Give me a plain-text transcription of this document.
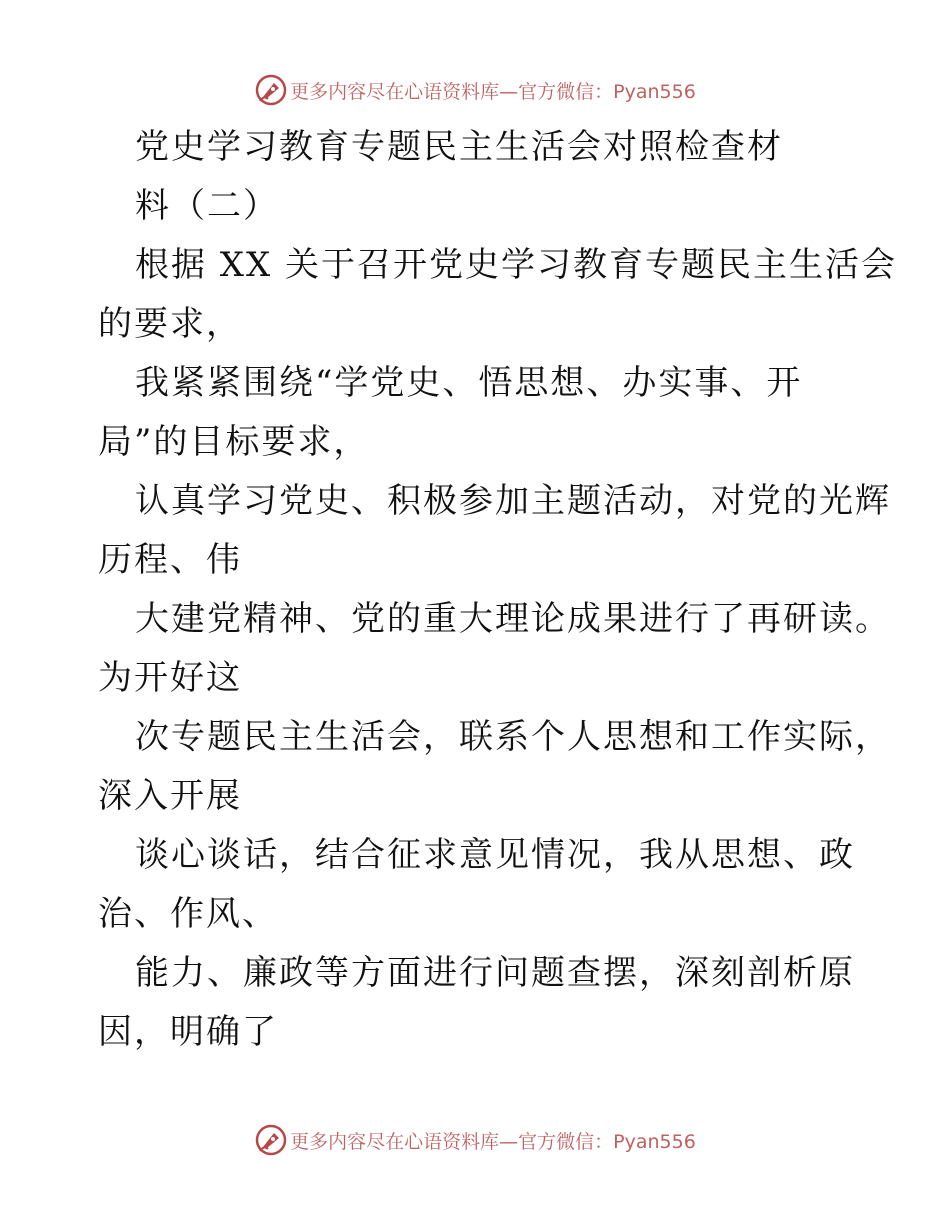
更多内容尽在心语资料库—官方微信：Pyan556

党史学习教育专题民主生活会对照检查材

料（二）

根据 XX 关于召开党史学习教育专题民主生活会

的要求，

我紧紧围绕“学党史、悟思想、办实事、开

局”的目标要求，

认真学习党史、积极参加主题活动，对党的光辉

历程、伟

大建党精神、党的重大理论成果进行了再研读。

为开好这

次专题民主生活会，联系个人思想和工作实际，

深入开展

谈心谈话，结合征求意见情况，我从思想、政

治、作风、

能力、廉政等方面进行问题查摆，深刻剖析原

因，明确了

更多内容尽在心语资料库—官方微信：Pyan556
